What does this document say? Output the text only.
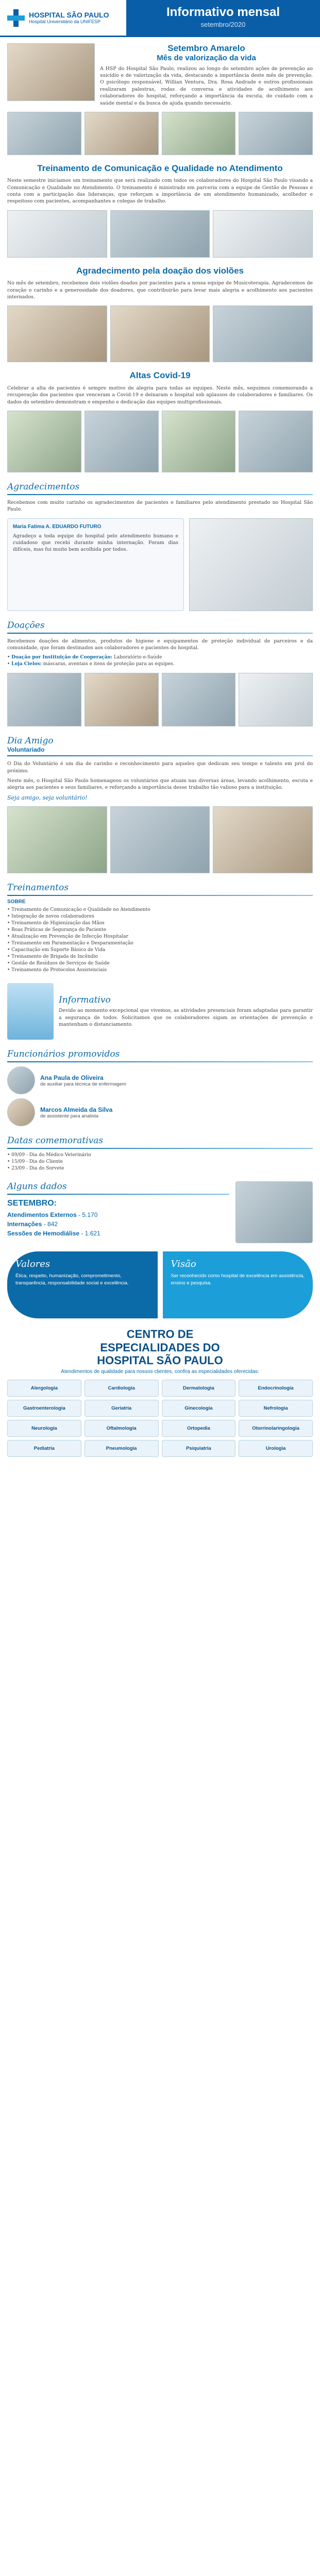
HOSPITAL SÃO PAULO
Hospital Universitário da UNIFESP
Informativo mensal
setembro/2020
Setembro Amarelo
Mês de valorização da vida
A HSP do Hospital São Paulo, realizou ao longo do setembro ações de prevenção ao suicídio e de valorização da vida, destacando a importância deste mês de prevenção. O psicólogo responsável, Willian Ventura, Dra. Rosa Andrade e outros profissionais realizaram palestras, rodas de conversa e atividades de acolhimento aos colaboradores do hospital, reforçando a importância da escuta, do cuidado com a saúde mental e da busca de ajuda quando necessário.
Treinamento de Comunicação e Qualidade no Atendimento
Neste semestre iniciamos um treinamento que será realizado com todos os colaboradores do Hospital São Paulo visando a Comunicação e Qualidade no Atendimento. O treinamento é ministrado em parceria com a equipe de Gestão de Pessoas e conta com a participação das lideranças, que reforçam a importância de um atendimento humanizado, acolhedor e respeitoso com pacientes, acompanhantes e colegas de trabalho.
Agradecimento pela doação dos violões
No mês de setembro, recebemos dois violões doados por pacientes para a nossa equipe de Musicoterapia. Agradecemos de coração o carinho e a generosidade dos doadores, que contribuirão para levar mais alegria e acolhimento aos pacientes internados.
Altas Covid-19
Celebrar a alta de pacientes é sempre motivo de alegria para todas as equipes. Neste mês, seguimos comemorando a recuperação dos pacientes que venceram a Covid-19 e deixaram o hospital sob aplausos de colaboradores e familiares. Os dados do setembro demonstram o empenho e dedicação das equipes multiprofissionais.
Agradecimentos
Recebemos com muito carinho os agradecimentos de pacientes e familiares pelo atendimento prestado no Hospital São Paulo.
Maria Fatima A. EDUARDO FUTURO
Agradeço a toda equipe do hospital pelo atendimento humano e cuidadoso que recebi durante minha internação. Foram dias difíceis, mas fui muito bem acolhida por todos.
Doações
Recebemos doações de alimentos, produtos de higiene e equipamentos de proteção individual de parceiros e da comunidade, que foram destinados aos colaboradores e pacientes do hospital.
• Doação por Instituição de Cooperação: Laboratório e-Saúde
• Loja Cielos: máscaras, aventais e itens de proteção para as equipes.
Dia Amigo
Voluntariado
O Dia do Voluntário é um dia de carinho e reconhecimento para aqueles que dedicam seu tempo e talento em prol do próximo.
Neste mês, o Hospital São Paulo homenageou os voluntários que atuam nas diversas áreas, levando acolhimento, escuta e alegria aos pacientes e seus familiares, e reforçando a importância desse trabalho tão valioso para a instituição.
Seja amigo, seja voluntário!
Treinamentos
SOBRE
• Treinamento de Comunicação e Qualidade no Atendimento
• Integração de novos colaboradores
• Treinamento de Higienização das Mãos
• Boas Práticas de Segurança do Paciente
• Atualização em Prevenção de Infecção Hospitalar
• Treinamento em Paramentação e Desparamentação
• Capacitação em Suporte Básico de Vida
• Treinamento de Brigada de Incêndio
• Gestão de Resíduos de Serviços de Saúde
• Treinamento de Protocolos Assistenciais
Informativo
Devido ao momento excepcional que vivemos, as atividades presenciais foram adaptadas para garantir a segurança de todos. Solicitamos que os colaboradores sigam as orientações de prevenção e mantenham o distanciamento.
Funcionários promovidos
Ana Paula de Oliveira
de auxiliar para técnica de enfermagem
Marcos Almeida da Silva
de assistente para analista
Datas comemorativas
• 09/09 - Dia do Médico Veterinário
• 15/09 - Dia do Cliente
• 23/09 - Dia do Sorvete
Alguns dados
SETEMBRO:
Atendimentos Externos - 5.170
Internações - 842
Sessões de Hemodiálise - 1.621
Valores
Ética, respeito, humanização, comprometimento, transparência, responsabilidade social e excelência.
Visão
Ser reconhecido como hospital de excelência em assistência, ensino e pesquisa.
CENTRO DE
ESPECIALIDADES DO
HOSPITAL SÃO PAULO
Atendimentos de qualidade para nossos clientes, confira as especialidades oferecidas:
Alergologia	Cardiologia	Dermatologia	Endocrinologia
Gastroenterologia	Geriatria	Ginecologia	Nefrologia
Neurologia	Oftalmologia	Ortopedia	Otorrinolaringologia
Pediatria	Pneumologia	Psiquiatria	Urologia
